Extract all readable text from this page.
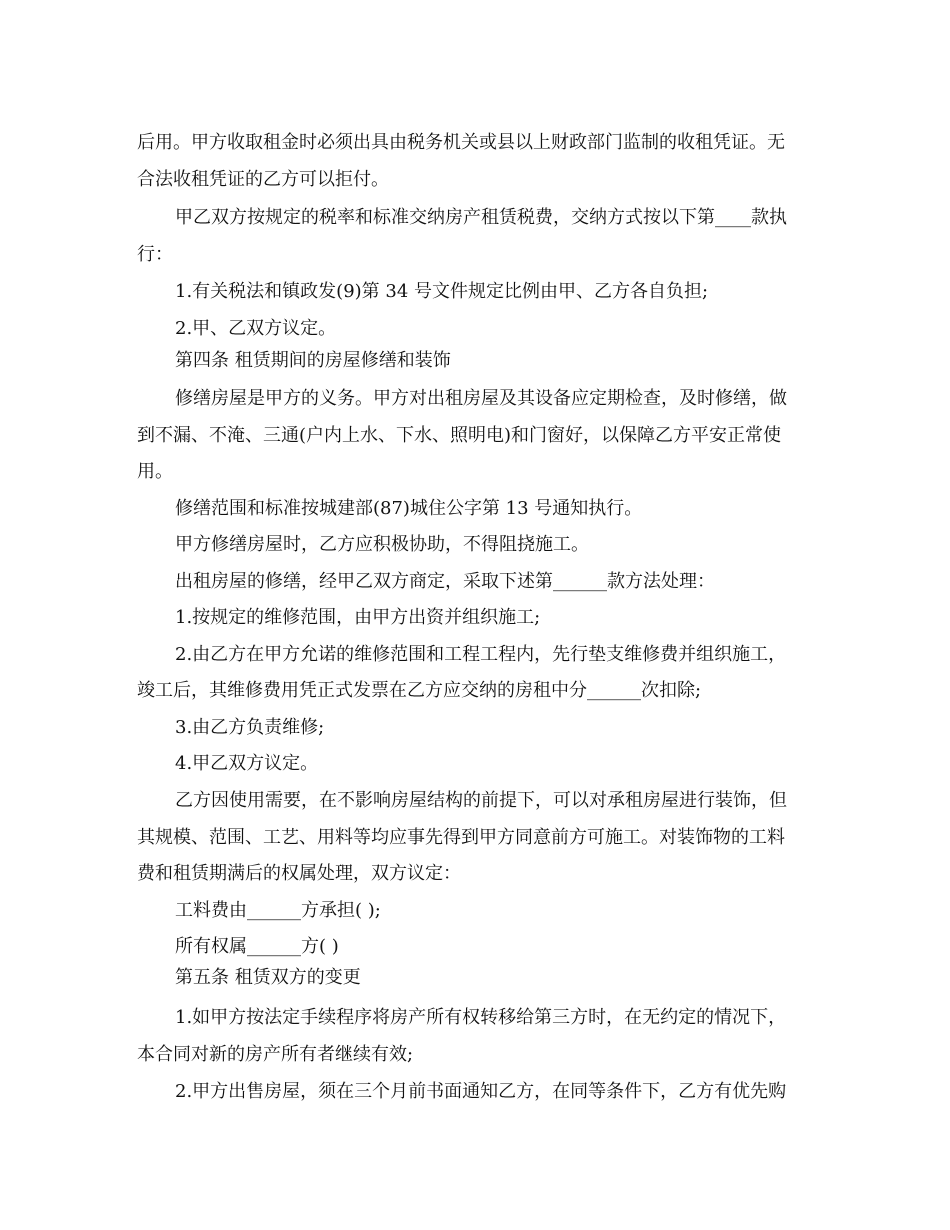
后用。甲方收取租金时必须出具由税务机关或县以上财政部门监制的收租凭证。无
合法收租凭证的乙方可以拒付。
甲乙双方按规定的税率和标准交纳房产租赁税费，交纳方式按以下第____款执
行：
1.有关税法和镇政发(9)第 34 号文件规定比例由甲、乙方各自负担;
2.甲、乙双方议定。
第四条 租赁期间的房屋修缮和装饰
修缮房屋是甲方的义务。甲方对出租房屋及其设备应定期检查，及时修缮，做
到不漏、不淹、三通(户内上水、下水、照明电)和门窗好，以保障乙方平安正常使
用。
修缮范围和标准按城建部(87)城住公字第 13 号通知执行。
甲方修缮房屋时，乙方应积极协助，不得阻挠施工。
出租房屋的修缮，经甲乙双方商定，采取下述第______款方法处理：
1.按规定的维修范围，由甲方出资并组织施工;
2.由乙方在甲方允诺的维修范围和工程工程内，先行垫支维修费并组织施工，
竣工后，其维修费用凭正式发票在乙方应交纳的房租中分______次扣除;
3.由乙方负责维修;
4.甲乙双方议定。
乙方因使用需要，在不影响房屋结构的前提下，可以对承租房屋进行装饰，但
其规模、范围、工艺、用料等均应事先得到甲方同意前方可施工。对装饰物的工料
费和租赁期满后的权属处理，双方议定：
工料费由______方承担( );
所有权属______方( )
第五条 租赁双方的变更
1.如甲方按法定手续程序将房产所有权转移给第三方时，在无约定的情况下，
本合同对新的房产所有者继续有效;
2.甲方出售房屋，须在三个月前书面通知乙方，在同等条件下，乙方有优先购
